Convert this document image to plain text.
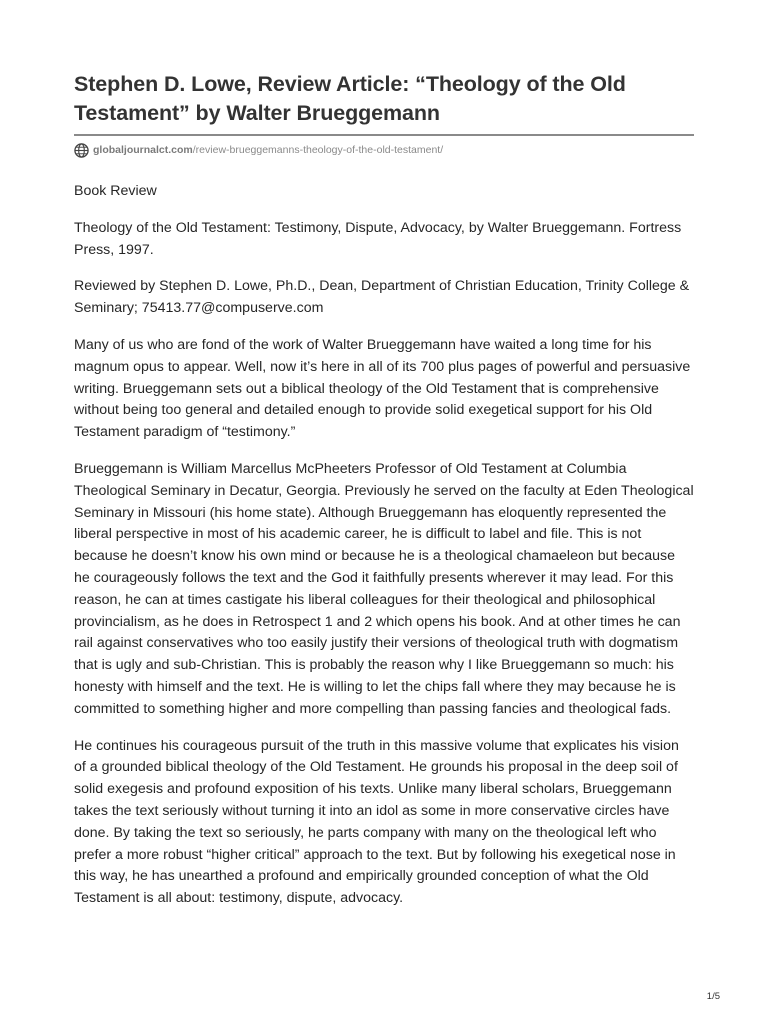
Stephen D. Lowe, Review Article: “Theology of the Old Testament” by Walter Brueggemann
globaljournalct.com /review-brueggemanns-theology-of-the-old-testament/

Book Review

Theology of the Old Testament: Testimony, Dispute, Advocacy, by Walter Brueggemann. Fortress Press, 1997.

Reviewed by Stephen D. Lowe, Ph.D., Dean, Department of Christian Education, Trinity College & Seminary; 75413.77@compuserve.com

Many of us who are fond of the work of Walter Brueggemann have waited a long time for his magnum opus to appear. Well, now it’s here in all of its 700 plus pages of powerful and persuasive writing. Brueggemann sets out a biblical theology of the Old Testament that is comprehensive without being too general and detailed enough to provide solid exegetical support for his Old Testament paradigm of “testimony.”

Brueggemann is William Marcellus McPheeters Professor of Old Testament at Columbia Theological Seminary in Decatur, Georgia. Previously he served on the faculty at Eden Theological Seminary in Missouri (his home state). Although Brueggemann has eloquently represented the liberal perspective in most of his academic career, he is difficult to label and file. This is not because he doesn’t know his own mind or because he is a theological chamaeleon but because he courageously follows the text and the God it faithfully presents wherever it may lead. For this reason, he can at times castigate his liberal colleagues for their theological and philosophical provincialism, as he does in Retrospect 1 and 2 which opens his book. And at other times he can rail against conservatives who too easily justify their versions of theological truth with dogmatism that is ugly and sub-Christian. This is probably the reason why I like Brueggemann so much: his honesty with himself and the text. He is willing to let the chips fall where they may because he is committed to something higher and more compelling than passing fancies and theological fads.

He continues his courageous pursuit of the truth in this massive volume that explicates his vision of a grounded biblical theology of the Old Testament. He grounds his proposal in the deep soil of solid exegesis and profound exposition of his texts. Unlike many liberal scholars, Brueggemann takes the text seriously without turning it into an idol as some in more conservative circles have done. By taking the text so seriously, he parts company with many on the theological left who prefer a more robust “higher critical” approach to the text. But by following his exegetical nose in this way, he has unearthed a profound and empirically grounded conception of what the Old Testament is all about: testimony, dispute, advocacy.

1/5
